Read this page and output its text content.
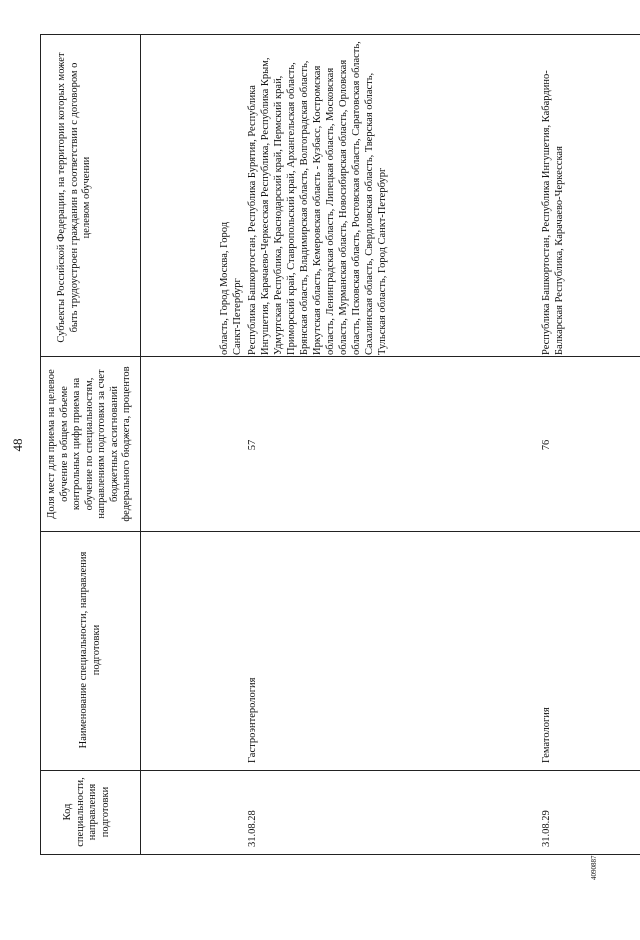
48
Код специальности, направления подготовки
Наименование специальности, направления подготовки
Доля мест для приема на целевое обучение в общем объеме контрольных цифр приема на обучение по специальностям, направлениям подготовки за счет бюджетных ассигнований федерального бюджета, процентов
Субъекты Российской Федерации, на территории которых может быть трудоустроен гражданин в соответствии с договором о целевом обучении
область, Город Москва, Город Санкт-Петербург
31.08.28
Гастроэнтерология
57
Республика Башкортостан, Республика Бурятия, Республика Ингушетия, Карачаево-Черкесская Республика, Республика Крым, Удмуртская Республика, Краснодарский край, Пермский край, Приморский край, Ставропольский край, Архангельская область, Брянская область, Владимирская область, Волгоградская область, Иркутская область, Кемеровская область - Кузбасс, Костромская область, Ленинградская область, Липецкая область, Московская область, Мурманская область, Новосибирская область, Орловская область, Псковская область, Ростовская область, Саратовская область, Сахалинская область, Свердловская область, Тверская область, Тульская область, Город Санкт-Петербург
31.08.29
Гематология
76
Республика Башкортостан, Республика Ингушетия, Кабардино-Балкарская Республика, Карачаево-Черкесская
4090887
